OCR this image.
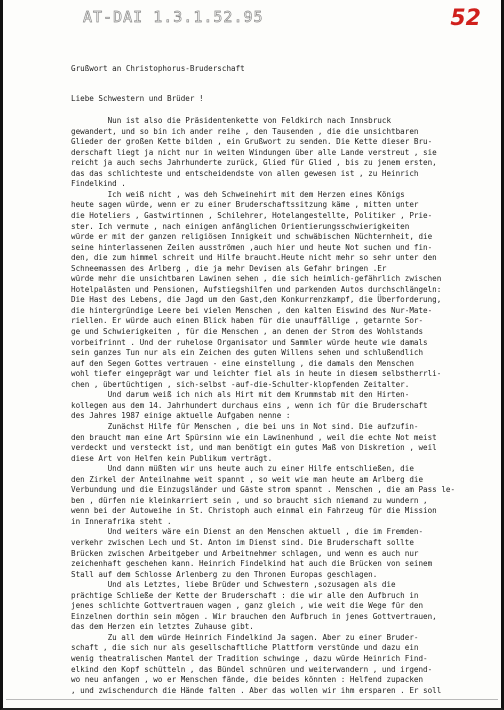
AT-DAI 1.3.1.52.95	52
Grußwort an Christophorus-Bruderschaft
Liebe Schwestern und Brüder !
Nun ist also die Präsidentenkette von Feldkirch nach Innsbruck
gewandert, und so bin ich ander reihe , den Tausenden , die die unsichtbaren
Glieder der großen Kette bilden , ein Grußwort zu senden. Die Kette dieser Bru-
derschaft liegt ja nicht nur in weiten Windungen über alle Lande verstreut , sie
reicht ja auch sechs Jahrhunderte zurück, Glied für Glied , bis zu jenem ersten,
das das schlichteste und entscheidendste von allen gewesen ist , zu Heinrich
Findelkind .
Ich weiß nicht , was deh Schweinehirt mit dem Herzen eines Königs
heute sagen würde, wenn er zu einer Bruderschaftssitzung käme , mitten unter
die Hoteliers , Gastwirtinnen , Schilehrer, Hotelangestellte, Politiker , Prie-
ster. Ich vermute , nach einigen anfänglichen Orientierungsschwierigkeiten
würde er mit der ganzen religiösen Innigkeit und schwäbischen Nüchternheit, die
seine hinterlassenen Zeilen ausströmen ,auch hier und heute Not suchen und fin-
den, die zum himmel schreit und Hilfe braucht.Heute nicht mehr so sehr unter den
Schneemassen des Arlberg , die ja mehr Devisen als Gefahr bringen .Er
würde mehr die unsichtbaren Lawinen sehen , die sich heimlich-gefährlich zwischen
Hotelpalästen und Pensionen, Aufstiegshilfen und parkenden Autos durchschlängeln:
Die Hast des Lebens, die Jagd um den Gast,den Konkurrenzkampf, die Überforderung,
die hintergründige Leere bei vielen Menschen , den kalten Eiswind des Nur-Mate-
riellen. Er würde auch einen Blick haben für die unauffällige , getarnte Sor-
ge und Schwierigkeiten , für die Menschen , an denen der Strom des Wohlstands
vorbeifrinnt . Und der ruhelose Organisator und Sammler würde heute wie damals
sein ganzes Tun nur als ein Zeichen des guten Willens sehen und schlußendlich
auf den Segen Gottes vertrauen - eine einstellung , die damals den Menschen
wohl tiefer eingeprägt war und leichter fiel als in heute in diesem selbstherrli-
chen , übertüchtigen , sich-selbst -auf-die-Schulter-klopfenden Zeitalter.
Und darum weiß ich nich als Hirt mit dem Krummstab mit den Hirten-
kollegen aus dem 14. Jahrhundert durchaus eins , wenn ich für die Bruderschaft
des Jahres 1987 einige aktuelle Aufgaben nenne :
Zunächst Hilfe für Menschen , die bei uns in Not sind. Die aufzufin-
den braucht man eine Art Spürsinn wie ein Lawinenhund , weil die echte Not meist
verdeckt und versteckt ist, und man benötigt ein gutes Maß von Diskretion , weil
diese Art von Helfen kein Publikum verträgt.
Und dann müßten wir uns heute auch zu einer Hilfe entschließen, die
den Zirkel der Anteilnahme weit spannt , so weit wie man heute am Arlberg die
Verbundung und die Einzugsländer und Gäste strom spannt . Menschen , die am Pass le-
ben , dürfen nie kleinkarriert sein , und so braucht sich niemand zu wundern ,
wenn bei der Autoweihe in St. Christoph auch einmal ein Fahrzeug für die Mission
in Innerafrika steht .
Und weiters wäre ein Dienst an den Menschen aktuell , die im Fremden-
verkehr zwischen Lech und St. Anton im Dienst sind. Die Bruderschaft sollte
Brücken zwischen Arbeitgeber und Arbeitnehmer schlagen, und wenn es auch nur
zeichenhaft geschehen kann. Heinrich Findelkind hat auch die Brücken von seinem
Stall auf dem Schlosse Arlenberg zu den Thronen Europas geschlagen.
Und als Letztes, liebe Brüder und Schwestern ,sozusagen als die
prächtige Schließe der Kette der Bruderschaft : die wir alle den Aufbruch in
jenes schlichte Gottvertrauen wagen , ganz gleich , wie weit die Wege für den
Einzelnen dorthin sein mögen . Wir brauchen den Aufbruch in jenes Gottvertrauen,
das dem Herzen ein letztes Zuhause gibt.
Zu all dem würde Heinrich Findelkind Ja sagen. Aber zu einer Bruder-
schaft , die sich nur als gesellschaftliche Plattform verstünde und dazu ein
wenig theatralischen Mantel der Tradition schwinge , dazu würde Heinrich Find-
elkind den Kopf schütteln , das Bündel schnüren und weiterwandern , und irgend-
wo neu anfangen , wo er Menschen fände, die beides könnten : Helfend zupacken
, und zwischendurch die Hände falten . Aber das wollen wir ihm ersparen . Er soll
